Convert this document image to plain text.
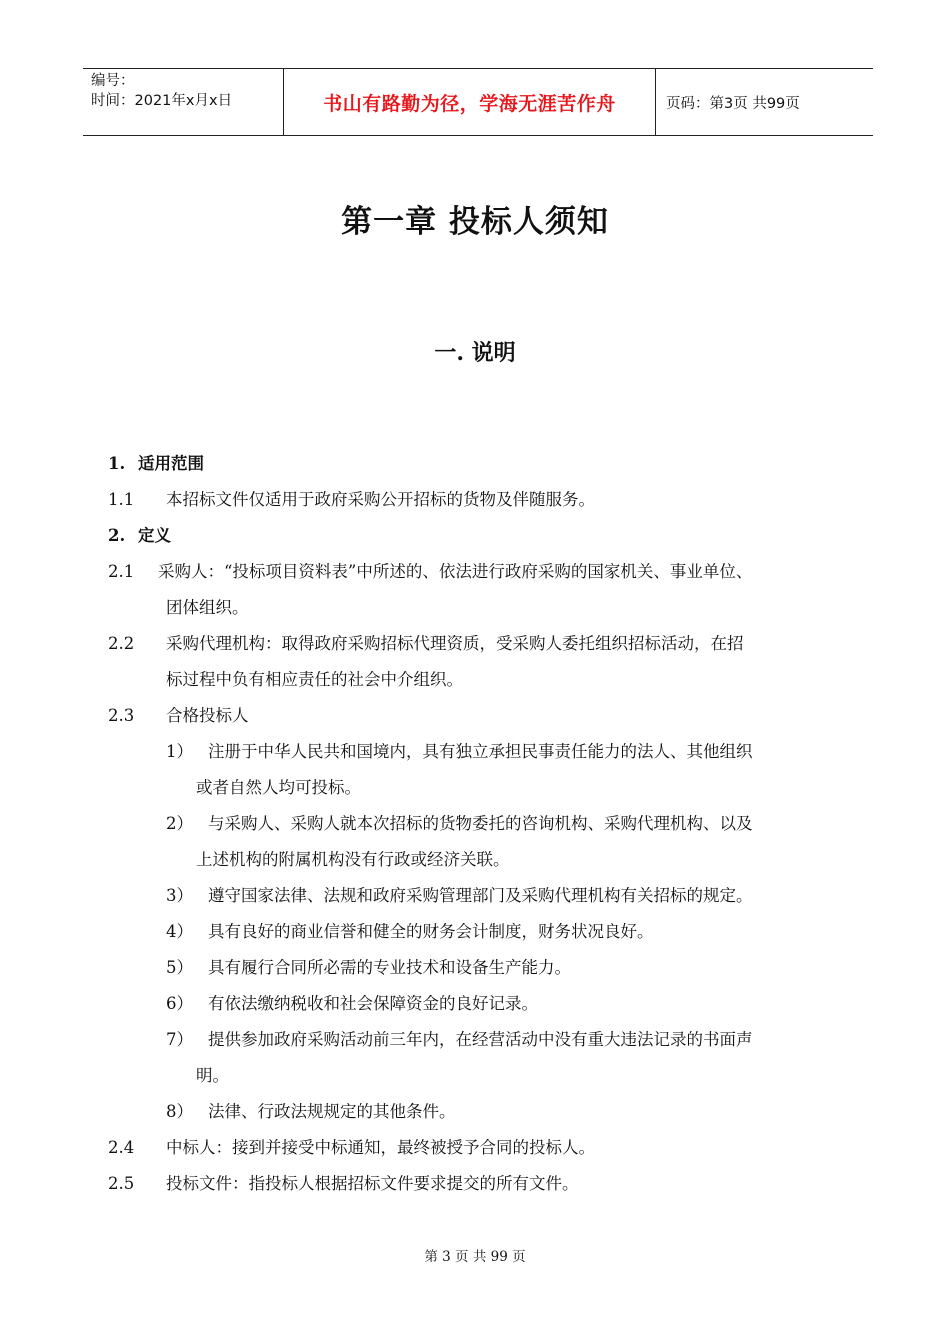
编号：
时间：2021年x月x日	书山有路勤为径，学海无涯苦作舟	页码：第3页 共99页
第一章 投标人须知
一. 说明
1. 适用范围
1.1 本招标文件仅适用于政府采购公开招标的货物及伴随服务。
2. 定义
2.1 采购人：“投标项目资料表”中所述的、依法进行政府采购的国家机关、事业单位、
团体组织。
2.2 采购代理机构：取得政府采购招标代理资质，受采购人委托组织招标活动，在招
标过程中负有相应责任的社会中介组织。
2.3 合格投标人
1） 注册于中华人民共和国境内，具有独立承担民事责任能力的法人、其他组织
或者自然人均可投标。
2） 与采购人、采购人就本次招标的货物委托的咨询机构、采购代理机构、以及
上述机构的附属机构没有行政或经济关联。
3） 遵守国家法律、法规和政府采购管理部门及采购代理机构有关招标的规定。
4） 具有良好的商业信誉和健全的财务会计制度，财务状况良好。
5） 具有履行合同所必需的专业技术和设备生产能力。
6） 有依法缴纳税收和社会保障资金的良好记录。
7） 提供参加政府采购活动前三年内，在经营活动中没有重大违法记录的书面声
明。
8） 法律、行政法规规定的其他条件。
2.4 中标人：接到并接受中标通知，最终被授予合同的投标人。
2.5 投标文件：指投标人根据招标文件要求提交的所有文件。
第 3 页 共 99 页
